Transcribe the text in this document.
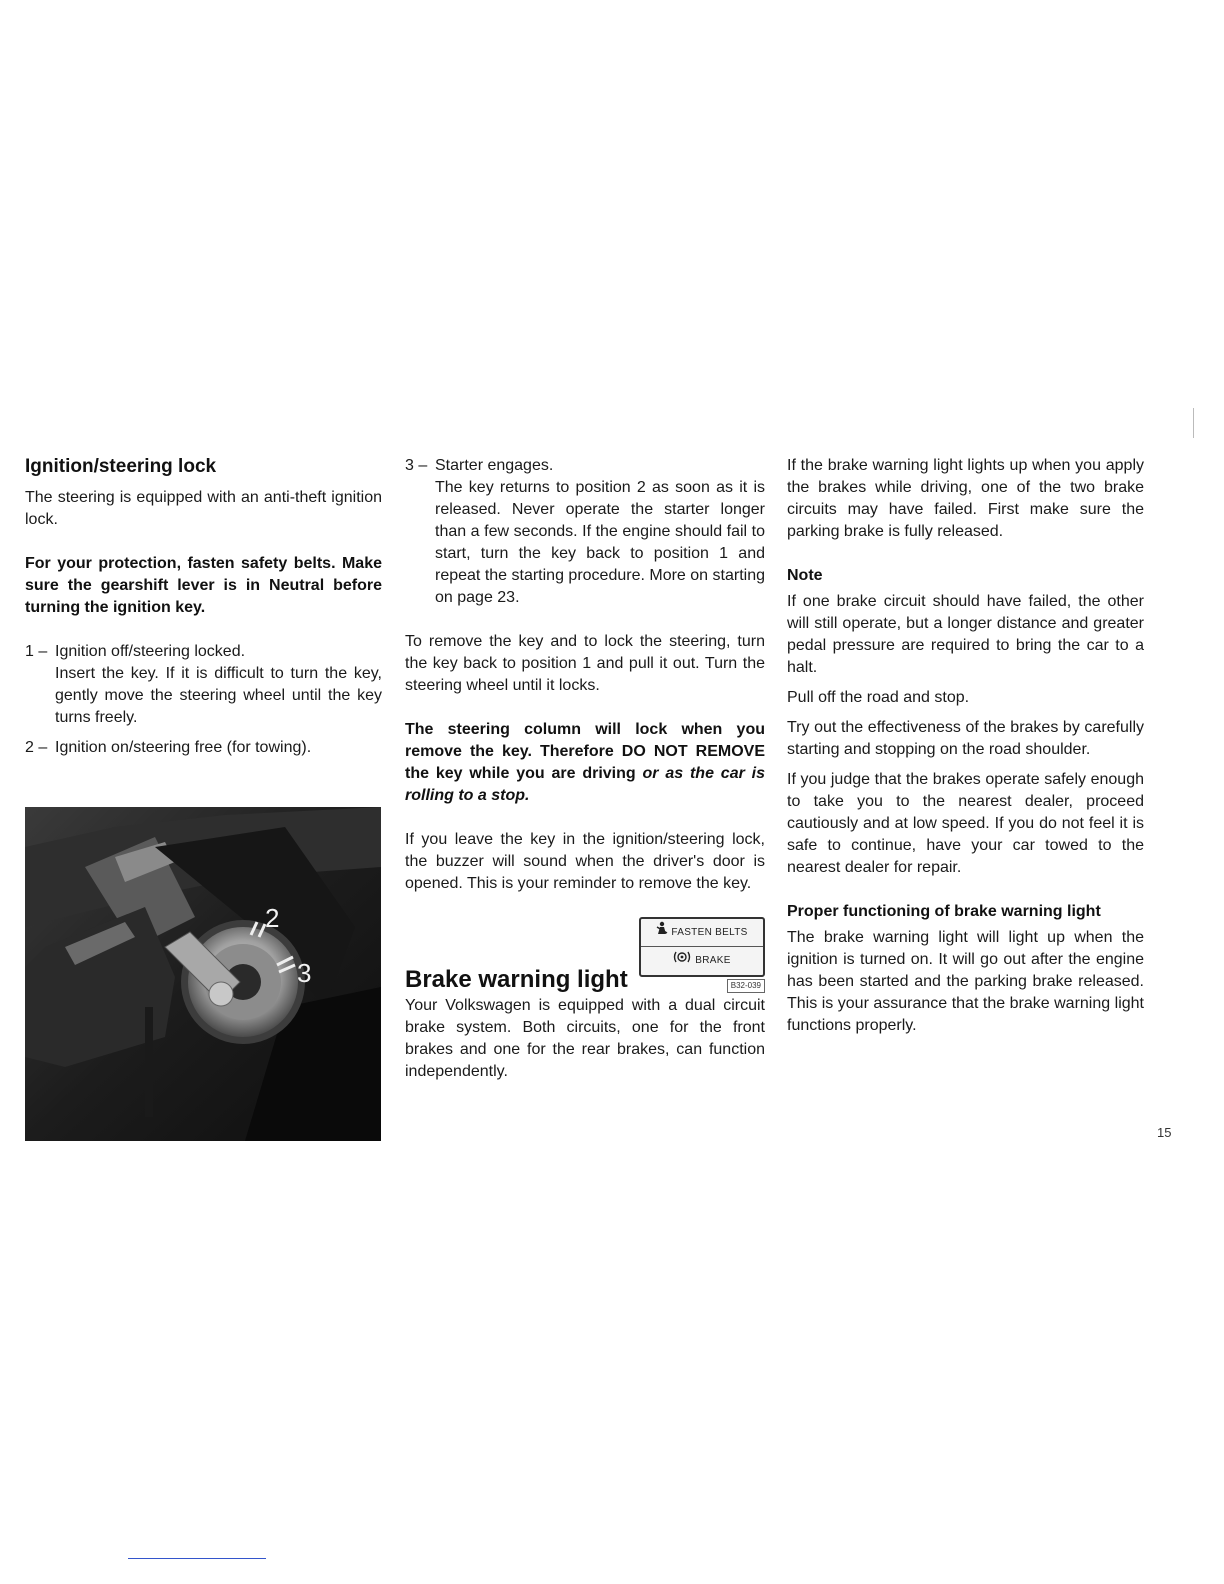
Ignition/steering lock

The steering is equipped with an anti-theft ignition lock.

For your protection, fasten safety belts. Make sure the gearshift lever is in Neutral before turning the ignition key.

1 – Ignition off/steering locked.

Insert the key. If it is difficult to turn the key, gently move the steering wheel until the key turns freely.

2 – Ignition on/steering free (for towing).

2
3
3 – Starter engages.

The key returns to position 2 as soon as it is released. Never operate the starter longer than a few seconds. If the engine should fail to start, turn the key back to position 1 and repeat the starting procedure. More on starting on page 23.

To remove the key and to lock the steering, turn the key back to position 1 and pull it out. Turn the steering wheel until it locks.

The steering column will lock when you remove the key. Therefore DO NOT REMOVE the key while you are driving or as the car is rolling to a stop.

If you leave the key in the ignition/steering lock, the buzzer will sound when the driver's door is opened. This is your reminder to remove the key.

Brake warning light
FASTEN BELTS
BRAKE
B32-039

Your Volkswagen is equipped with a dual circuit brake system. Both circuits, one for the front brakes and one for the rear brakes, can function independently.

If the brake warning light lights up when you apply the brakes while driving, one of the two brake circuits may have failed. First make sure the parking brake is fully released.

Note

If one brake circuit should have failed, the other will still operate, but a longer distance and greater pedal pressure are required to bring the car to a halt.

Pull off the road and stop.

Try out the effectiveness of the brakes by carefully starting and stopping on the road shoulder.

If you judge that the brakes operate safely enough to take you to the nearest dealer, proceed cautiously and at low speed. If you do not feel it is safe to continue, have your car towed to the nearest dealer for repair.

Proper functioning of brake warning light

The brake warning light will light up when the ignition is turned on. It will go out after the engine has been started and the parking brake released. This is your assurance that the brake warning light functions properly.

15
